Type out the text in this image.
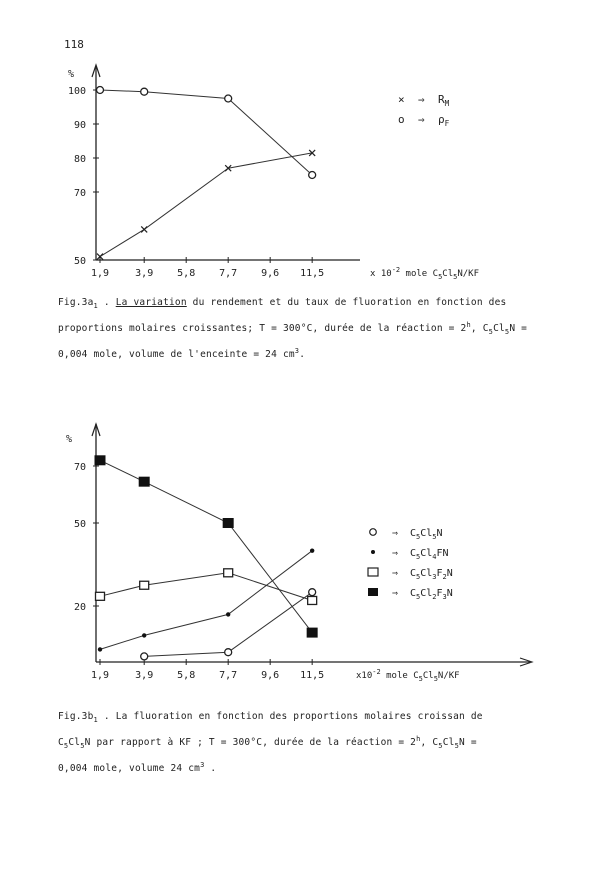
118
%
100
90
80
70
50
1,9	3,9 5,8 7,7 9,6 11,5	x $10^{-2}$ mole $C_5Cl_5N/KF$
× ⇒ $R_M$
o ⇒ $\rho_F$
$Fig.3a_1$ . La variation du rendement et du taux de fluoration en fonction des
proportions molaires croissantes; T = 300°C, durée de la réaction = $2^h$, $C_5Cl_5N$ =
0,004 mole, volume de l'enceinte = 24 $cm^3$.
%
70
50
20
1,9	3,9 5,8 7,7 9,6 11,5	$x10^{-2}$ mole $C_5Cl_5N/KF$
⇒ $C_5Cl_5N$
⇒ $C_5Cl_4FN$
⇒ $C_5Cl_3F_2N$
⇒ $C_5Cl_2F_3N$
$Fig.3b_1$ . La fluoration en fonction des proportions molaires croissan de
$C_5Cl_5N$ par rapport à KF ; T = 300°C, durée de la réaction = $2^h$, $C_5Cl_5N$ =
0,004 mole, volume 24 $cm^3$ .
